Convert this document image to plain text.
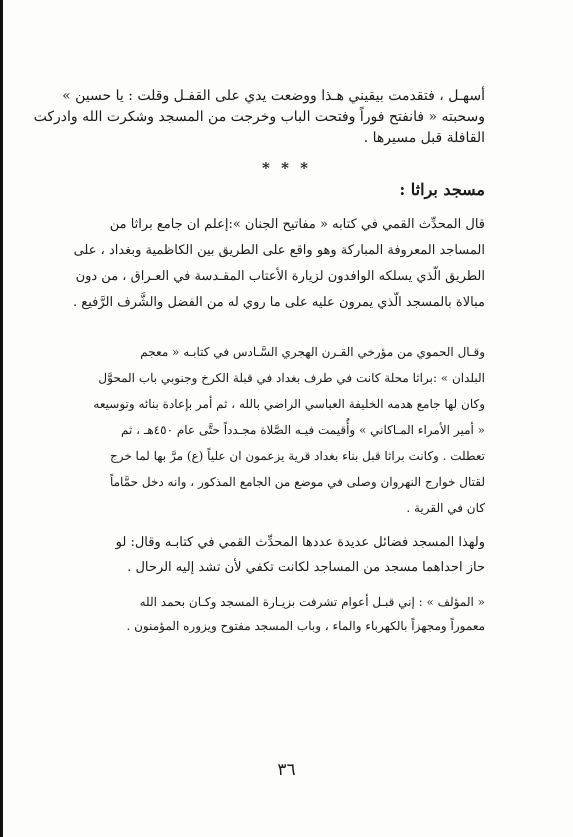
أسهـل ، فتقدمت بيقيني هـذا ووضعت يدي على القفـل وقلت : يا حسين »
وسحبته « فانفتح فوراً وفتحت الباب وخرجت من المسجد وشكرت الله وادركت
القافلة قبل مسيرها .
* * *
مسجد براثا :
قال المحدِّث القمي في كتابه « مفاتيح الجنان »:إعلم ان جامع براثا من
المساجد المعروفة المباركة وهو واقع على الطريق بين الكاظمية وبغداد ، على
الطريق الّذي يسلكه الوافدون لزيارة الأعتاب المقـدسة في العـراق ، من دون
مبالاة بالمسجد الّذي يمرون عليه على ما روي له من الفضل والشَّرف الرَّفيع .
وقـال الحموي من مؤرخي القـرن الهجري السَّـادس في كتابـه « معجم
البلدان » :براثا محلة كانت في طرف بغداد في قبلة الكرخ وجنوبي باب المحوَّل
وكان لها جامع هدمه الخليفة العباسي الراضي بالله ، ثم أمر بإعادة بنائه وتوسيعه
« أمير الأمراء المـاكاني » وأُقيمت فيـه الصَّلاة مجـدداً حتَّى عام ٤٥٠هـ ، ثم
تعطلت . وكانت براثا قبل بناء بغداد قرية يزعمون ان علياً (ع) مرَّ بها لما خرج
لقتال خوارج النهروان وصلى في موضع من الجامع المذكور ، وانه دخل حمَّاماً
كان في القرية .
ولهذا المسجد فضائل عديدة عددها المحدِّث القمي في كتابـه وقال: لو
حاز احداهما مسجد من المساجد لكانت تكفي لأن تشد إليه الرحال .
« المؤلف » : إني قبـل أعوام تشرفت بزيـارة المسجد وكـان بحمد الله
معموراً ومجهزاً بالكهرباء والماء ، وباب المسجد مفتوح ويزوره المؤمنون .
٣٦
